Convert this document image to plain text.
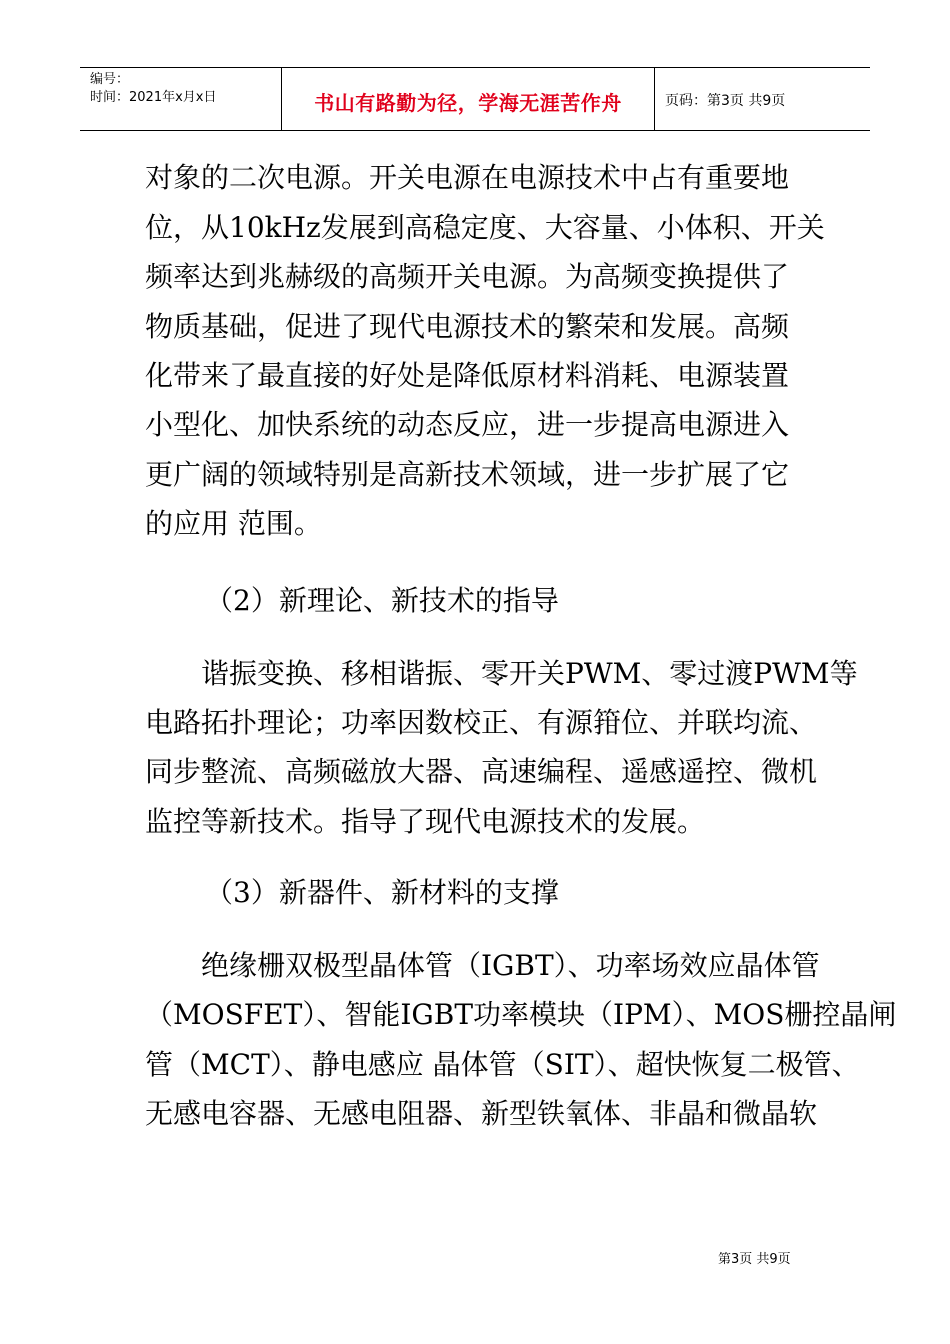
编号：
时间：2021年x月x日	书山有路勤为径，学海无涯苦作舟	页码：第3页 共9页
对象的二次电源。开关电源在电源技术中占有重要地
位，从10kHz发展到高稳定度、大容量、小体积、开关
频率达到兆赫级的高频开关电源。为高频变换提供了
物质基础，促进了现代电源技术的繁荣和发展。高频
化带来了最直接的好处是降低原材料消耗、电源装置
小型化、加快系统的动态反应，进一步提高电源进入
更广阔的领域特别是高新技术领域，进一步扩展了它
的应用 范围。
（2）新理论、新技术的指导
谐振变换、移相谐振、零开关PWM、零过渡PWM等
电路拓扑理论；功率因数校正、有源箝位、并联均流、
同步整流、高频磁放大器、高速编程、遥感遥控、微机
监控等新技术。指导了现代电源技术的发展。
（3）新器件、新材料的支撑
绝缘栅双极型晶体管（IGBT）、功率场效应晶体管
（MOSFET）、智能IGBT功率模块（IPM）、MOS栅控晶闸
管（MCT）、静电感应 晶体管（SIT）、超快恢复二极管、
无感电容器、无感电阻器、新型铁氧体、非晶和微晶软
第3页 共9页
